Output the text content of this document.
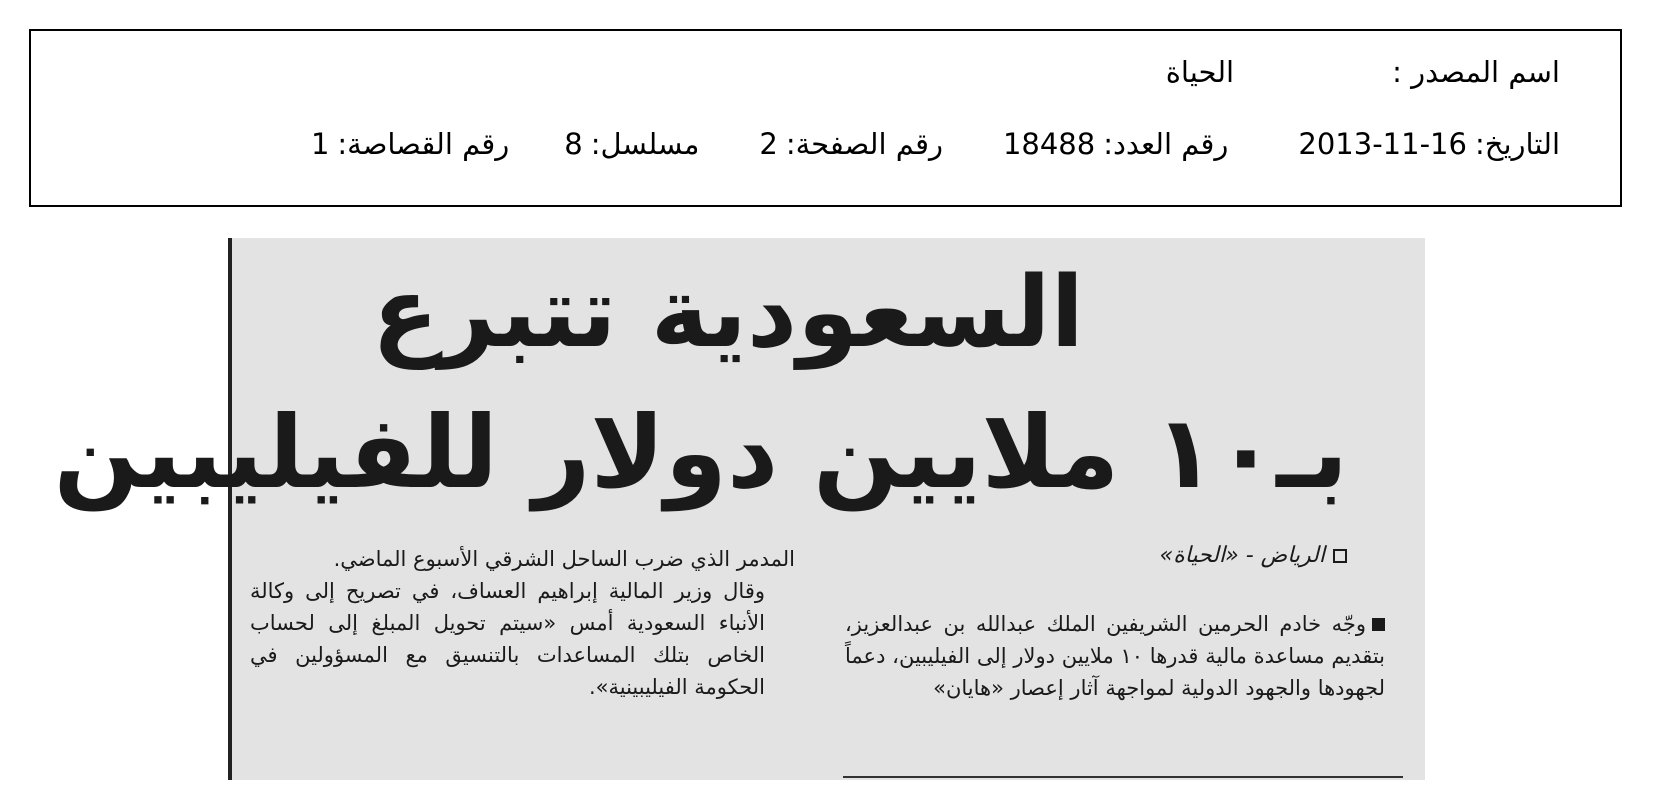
اسم المصدر :
الحياة
التاريخ:
2013-11-16
رقم العدد:
18488
رقم الصفحة:
2
مسلسل:
8
رقم القصاصة:
1
السعودية تتبرع
بـ١٠ ملايين دولار للفيليبين
الرياض - «الحياة»

وجّه خادم الحرمين الشريفين الملك عبدالله بن عبدالعزيز، بتقديم مساعدة مالية قدرها ١٠ ملايين دولار إلى الفيليبين، دعماً لجهودها والجهود الدولية لمواجهة آثار إعصار «هايان»

المدمر الذي ضرب الساحل الشرقي الأسبوع الماضي.

وقال وزير المالية إبراهيم العساف، في تصريح إلى وكالة الأنباء السعودية أمس «سيتم تحويل المبلغ إلى لحساب الخاص بتلك المساعدات بالتنسيق مع المسؤولين في الحكومة الفيليبينية».
